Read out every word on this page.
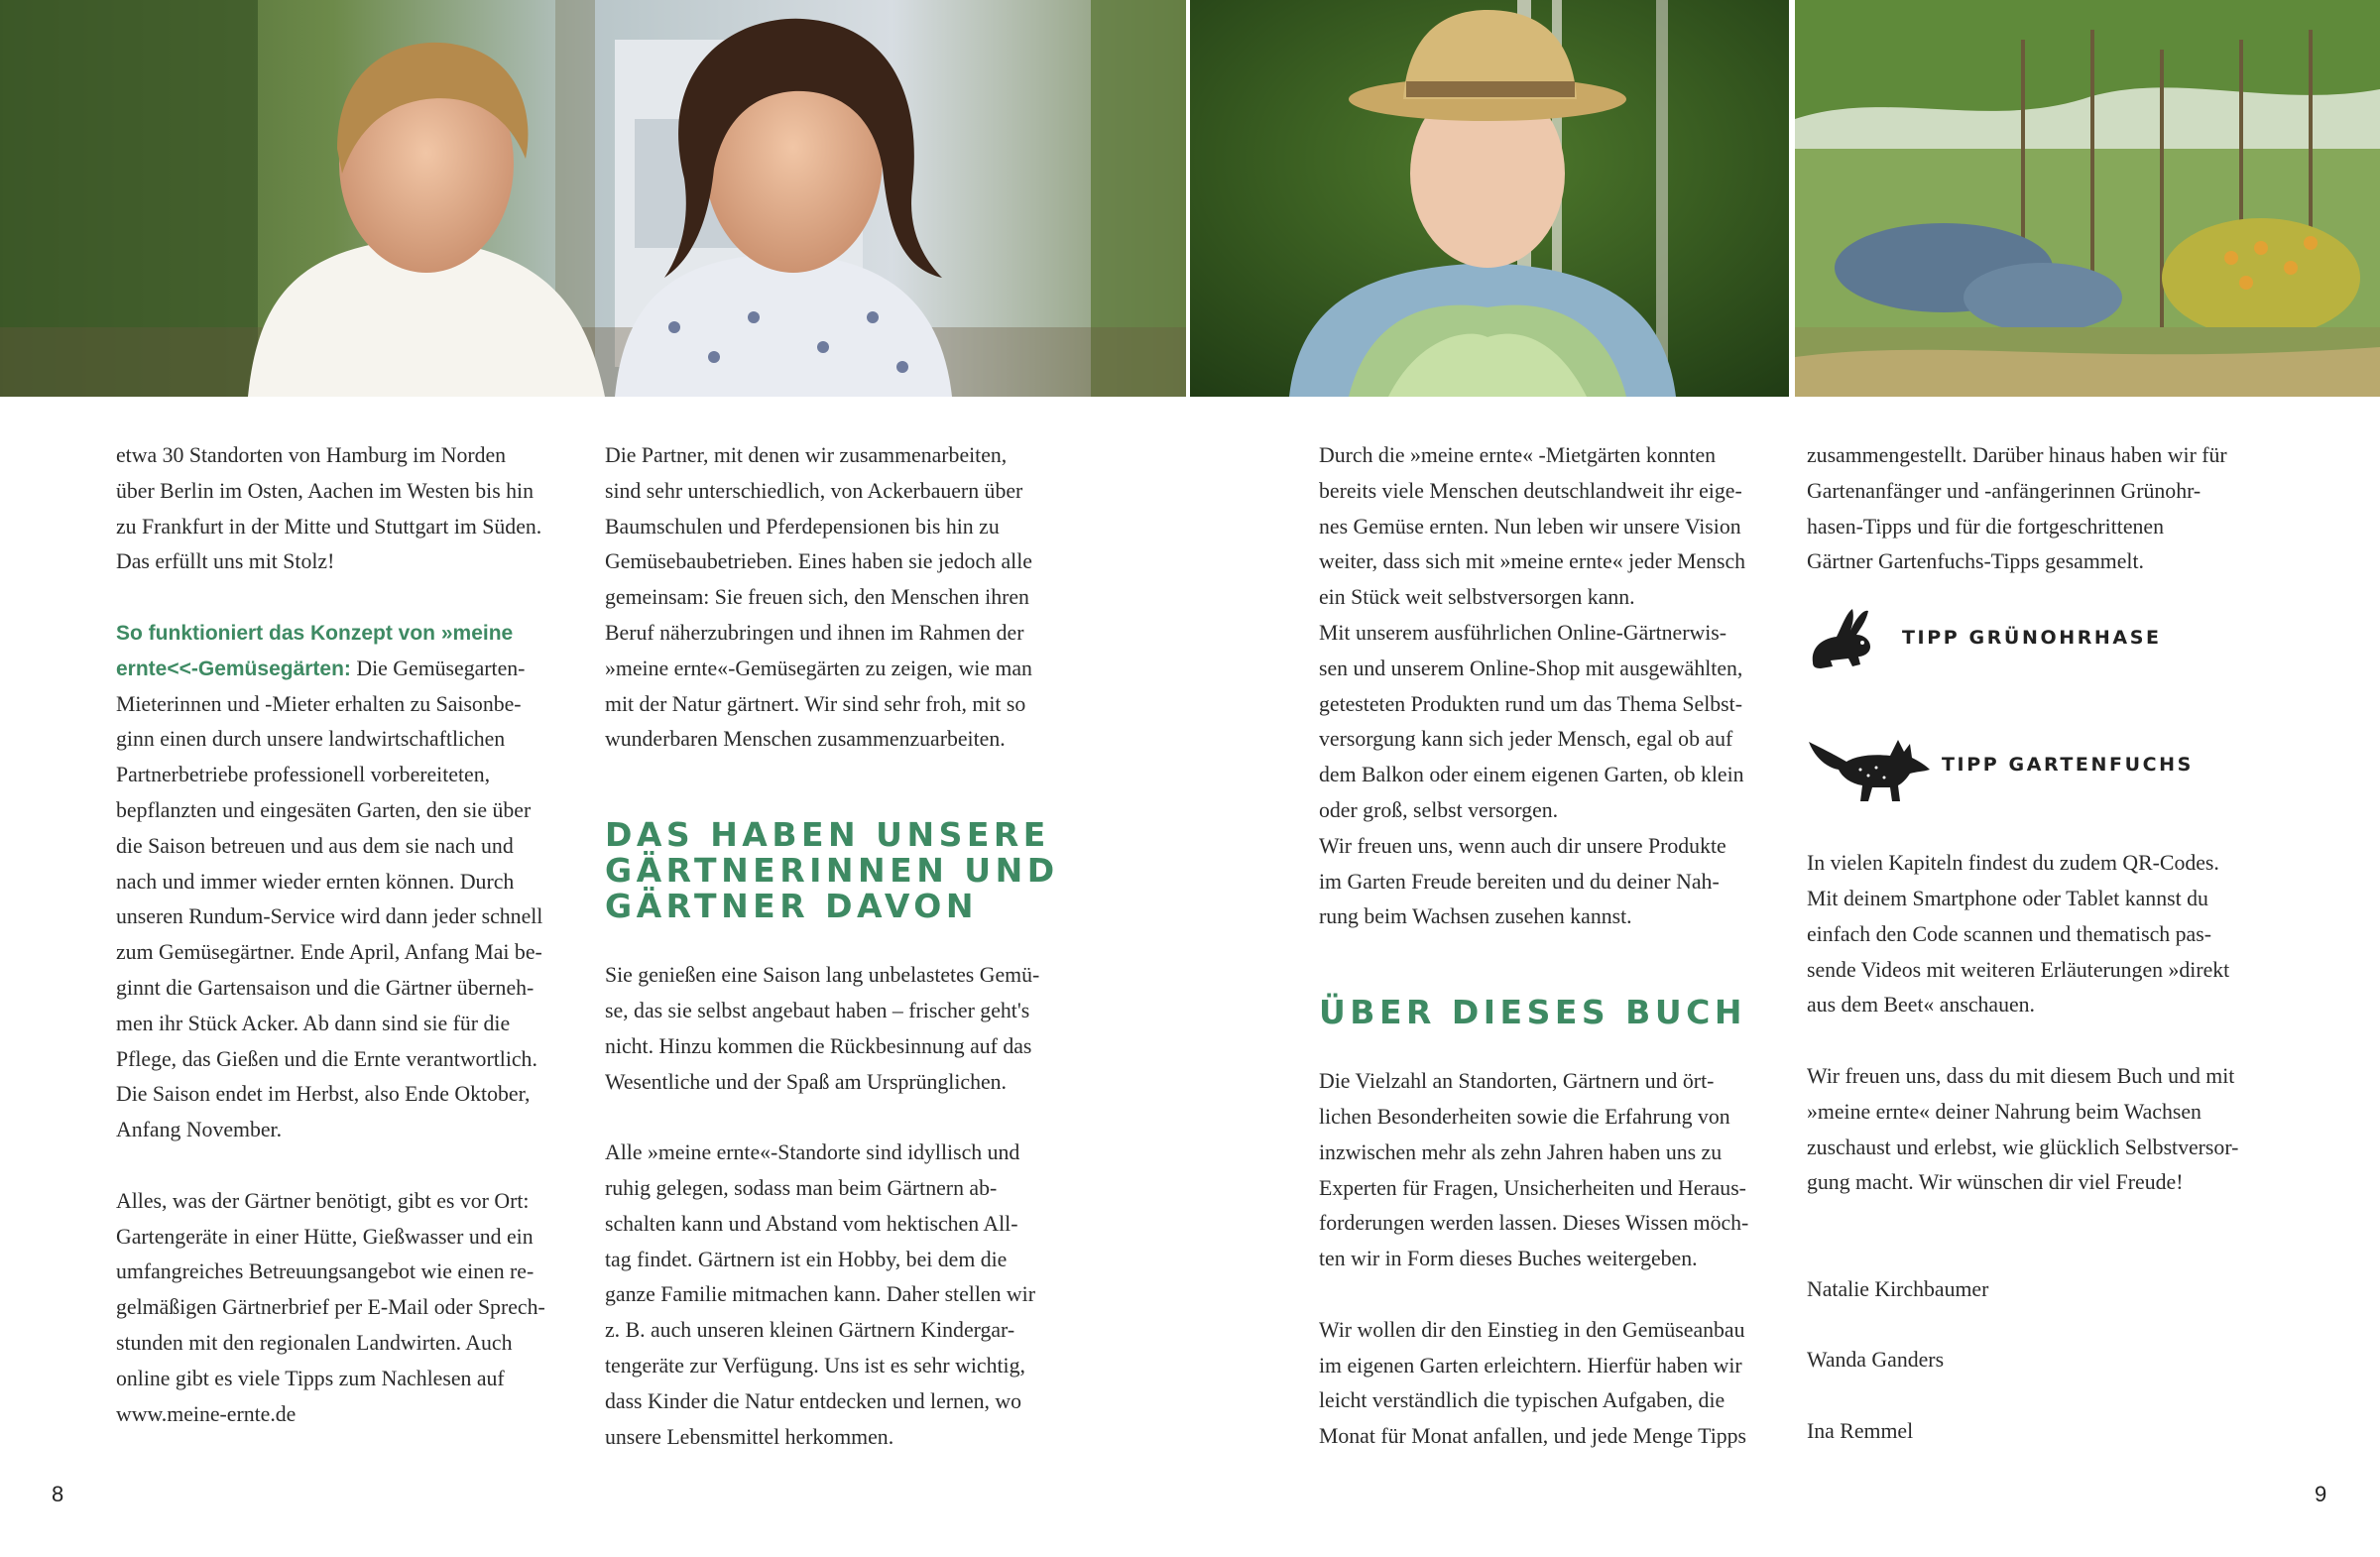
etwa 30 Standorten von Hamburg im Norden
über Berlin im Osten, Aachen im Westen bis hin
zu Frankfurt in der Mitte und Stuttgart im Süden.
Das erfüllt uns mit Stolz!

So funktioniert das Konzept von »meine
ernte<<-Gemüsegärten: Die Gemüsegarten-
Mieterinnen und -Mieter erhalten zu Saisonbe-
ginn einen durch unsere landwirtschaftlichen
Partnerbetriebe professionell vorbereiteten,
bepflanzten und eingesäten Garten, den sie über
die Saison betreuen und aus dem sie nach und
nach und immer wieder ernten können. Durch
unseren Rundum-Service wird dann jeder schnell
zum Gemüsegärtner. Ende April, Anfang Mai be-
ginnt die Gartensaison und die Gärtner überneh-
men ihr Stück Acker. Ab dann sind sie für die
Pflege, das Gießen und die Ernte verantwortlich.
Die Saison endet im Herbst, also Ende Oktober,
Anfang November.

Alles, was der Gärtner benötigt, gibt es vor Ort:
Gartengeräte in einer Hütte, Gießwasser und ein
umfangreiches Betreuungsangebot wie einen re-
gelmäßigen Gärtnerbrief per E-Mail oder Sprech-
stunden mit den regionalen Landwirten. Auch
online gibt es viele Tipps zum Nachlesen auf
www.meine-ernte.de

Die Partner, mit denen wir zusammenarbeiten,
sind sehr unterschiedlich, von Ackerbauern über
Baumschulen und Pferdepensionen bis hin zu
Gemüsebaubetrieben. Eines haben sie jedoch alle
gemeinsam: Sie freuen sich, den Menschen ihren
Beruf näherzubringen und ihnen im Rahmen der
»meine ernte«-Gemüsegärten zu zeigen, wie man
mit der Natur gärtnert. Wir sind sehr froh, mit so
wunderbaren Menschen zusammenzuarbeiten.

DAS HABEN UNSERE
GÄRTNERINNEN UND
GÄRTNER DAVON

Sie genießen eine Saison lang unbelastetes Gemü-
se, das sie selbst angebaut haben – frischer geht's
nicht. Hinzu kommen die Rückbesinnung auf das
Wesentliche und der Spaß am Ursprünglichen.

Alle »meine ernte«-Standorte sind idyllisch und
ruhig gelegen, sodass man beim Gärtnern ab-
schalten kann und Abstand vom hektischen All-
tag findet. Gärtnern ist ein Hobby, bei dem die
ganze Familie mitmachen kann. Daher stellen wir
z. B. auch unseren kleinen Gärtnern Kindergar-
tengeräte zur Verfügung. Uns ist es sehr wichtig,
dass Kinder die Natur entdecken und lernen, wo
unsere Lebensmittel herkommen.

Durch die »meine ernte« -Mietgärten konnten
bereits viele Menschen deutschlandweit ihr eige-
nes Gemüse ernten. Nun leben wir unsere Vision
weiter, dass sich mit »meine ernte« jeder Mensch
ein Stück weit selbstversorgen kann.
Mit unserem ausführlichen Online-Gärtnerwis-
sen und unserem Online-Shop mit ausgewählten,
getesteten Produkten rund um das Thema Selbst-
versorgung kann sich jeder Mensch, egal ob auf
dem Balkon oder einem eigenen Garten, ob klein
oder groß, selbst versorgen.
Wir freuen uns, wenn auch dir unsere Produkte
im Garten Freude bereiten und du deiner Nah-
rung beim Wachsen zusehen kannst.

ÜBER DIESES BUCH

Die Vielzahl an Standorten, Gärtnern und ört-
lichen Besonderheiten sowie die Erfahrung von
inzwischen mehr als zehn Jahren haben uns zu
Experten für Fragen, Unsicherheiten und Heraus-
forderungen werden lassen. Dieses Wissen möch-
ten wir in Form dieses Buches weitergeben.

Wir wollen dir den Einstieg in den Gemüseanbau
im eigenen Garten erleichtern. Hierfür haben wir
leicht verständlich die typischen Aufgaben, die
Monat für Monat anfallen, und jede Menge Tipps

zusammengestellt. Darüber hinaus haben wir für
Gartenanfänger und -anfängerinnen Grünohr-
hasen-Tipps und für die fortgeschrittenen
Gärtner Gartenfuchs-Tipps gesammelt.

TIPP GRÜNOHRHASE
TIPP GARTENFUCHS

In vielen Kapiteln findest du zudem QR-Codes.
Mit deinem Smartphone oder Tablet kannst du
einfach den Code scannen und thematisch pas-
sende Videos mit weiteren Erläuterungen »direkt
aus dem Beet« anschauen.

Wir freuen uns, dass du mit diesem Buch und mit
»meine ernte« deiner Nahrung beim Wachsen
zuschaust und erlebst, wie glücklich Selbstversor-
gung macht. Wir wünschen dir viel Freude!

Natalie Kirchbaumer

Wanda Ganders

Ina Remmel

8	9
